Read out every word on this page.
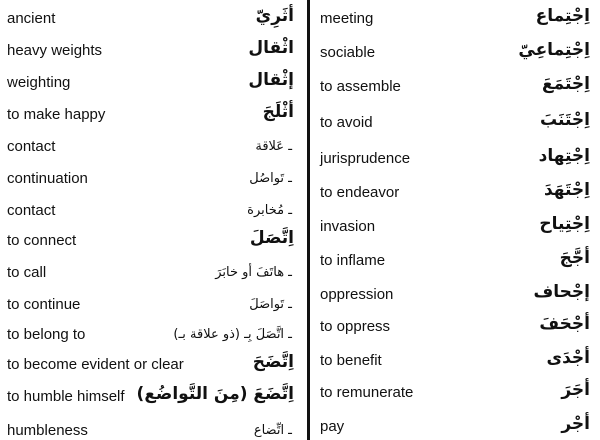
ancient	أثَرِيّ
heavy weights	اثْقال
weighting	إثْقال
to make happy	أثْلَجَ
contact	ـ عَلاقة
continuation	ـ تَواصُل
contact	ـ مُخابرة
to connect	اِتَّصَلَ
to call	ـ هاتَفَ أو خابَرَ
to continue	ـ تَواصَلَ
to belong to	ـ اتَّصَلَ بِـ (ذو علاقة بـ)
to become evident or clear	اِتَّضَحَ
to humble himself اِتَّضَعَ (مِنَ التَّواضُع)
humbleness	ـ اتِّضاع
meeting	اِجْتِماع
sociable	اِجْتِماعِيّ
to assemble	اِجْتَمَعَ
to avoid	اِجْتَنَبَ
jurisprudence	اِجْتِهاد
to endeavor	اِجْتَهَدَ
invasion	اِجْتِياح
to inflame	أجَّجَ
oppression	إجْحاف
to oppress	أجْحَفَ
to benefit	أجْدَى
to remunerate	أجَرَ
pay	أجْر
